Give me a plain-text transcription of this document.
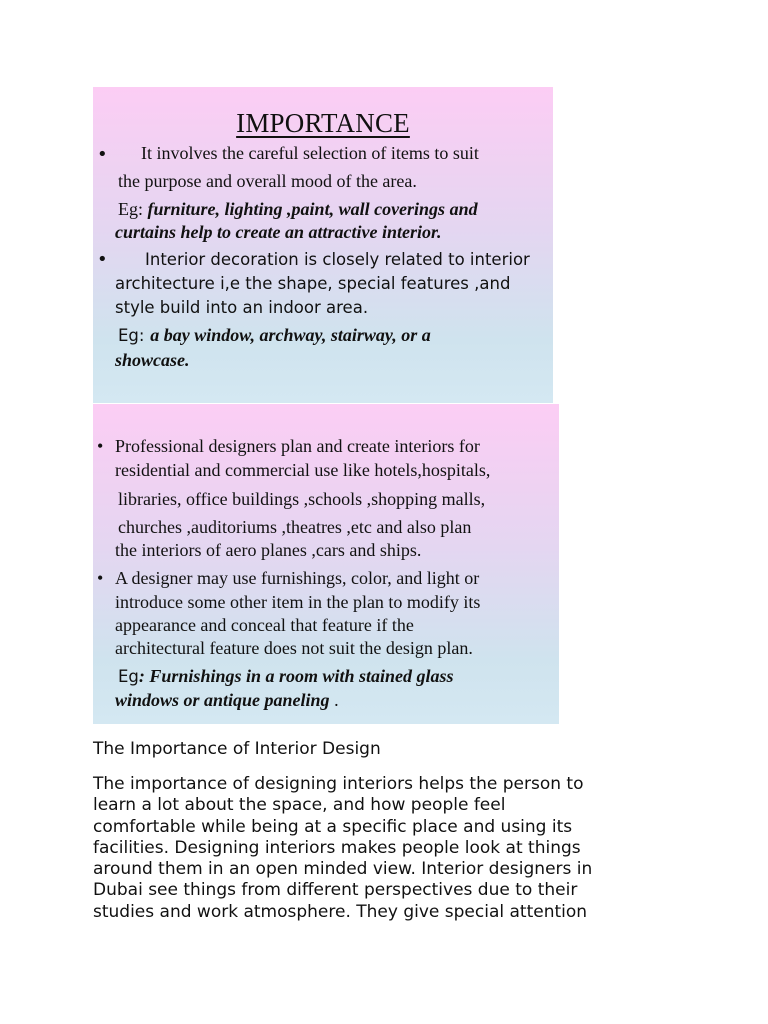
IMPORTANCE
• It involves the careful selection of items to suit
the purpose and overall mood of the area.
Eg: furniture, lighting ,paint, wall coverings and
curtains help to create an attractive interior.
• Interior decoration is closely related to interior
architecture i,e the shape, special features ,and
style build into an indoor area.
Eg: a bay window, archway, stairway, or a
showcase.
• Professional designers plan and create interiors for
residential and commercial use like hotels,hospitals,
libraries, office buildings ,schools ,shopping malls,
churches ,auditoriums ,theatres ,etc and also plan
the interiors of aero planes ,cars and ships.
• A designer may use furnishings, color, and light or
introduce some other item in the plan to modify its
appearance and conceal that feature if the
architectural feature does not suit the design plan.
Eg: Furnishings in a room with stained glass
windows or antique paneling .
The Importance of Interior Design
The importance of designing interiors helps the person to
learn a lot about the space, and how people feel
comfortable while being at a specific place and using its
facilities. Designing interiors makes people look at things
around them in an open minded view. Interior designers in
Dubai see things from different perspectives due to their
studies and work atmosphere. They give special attention
